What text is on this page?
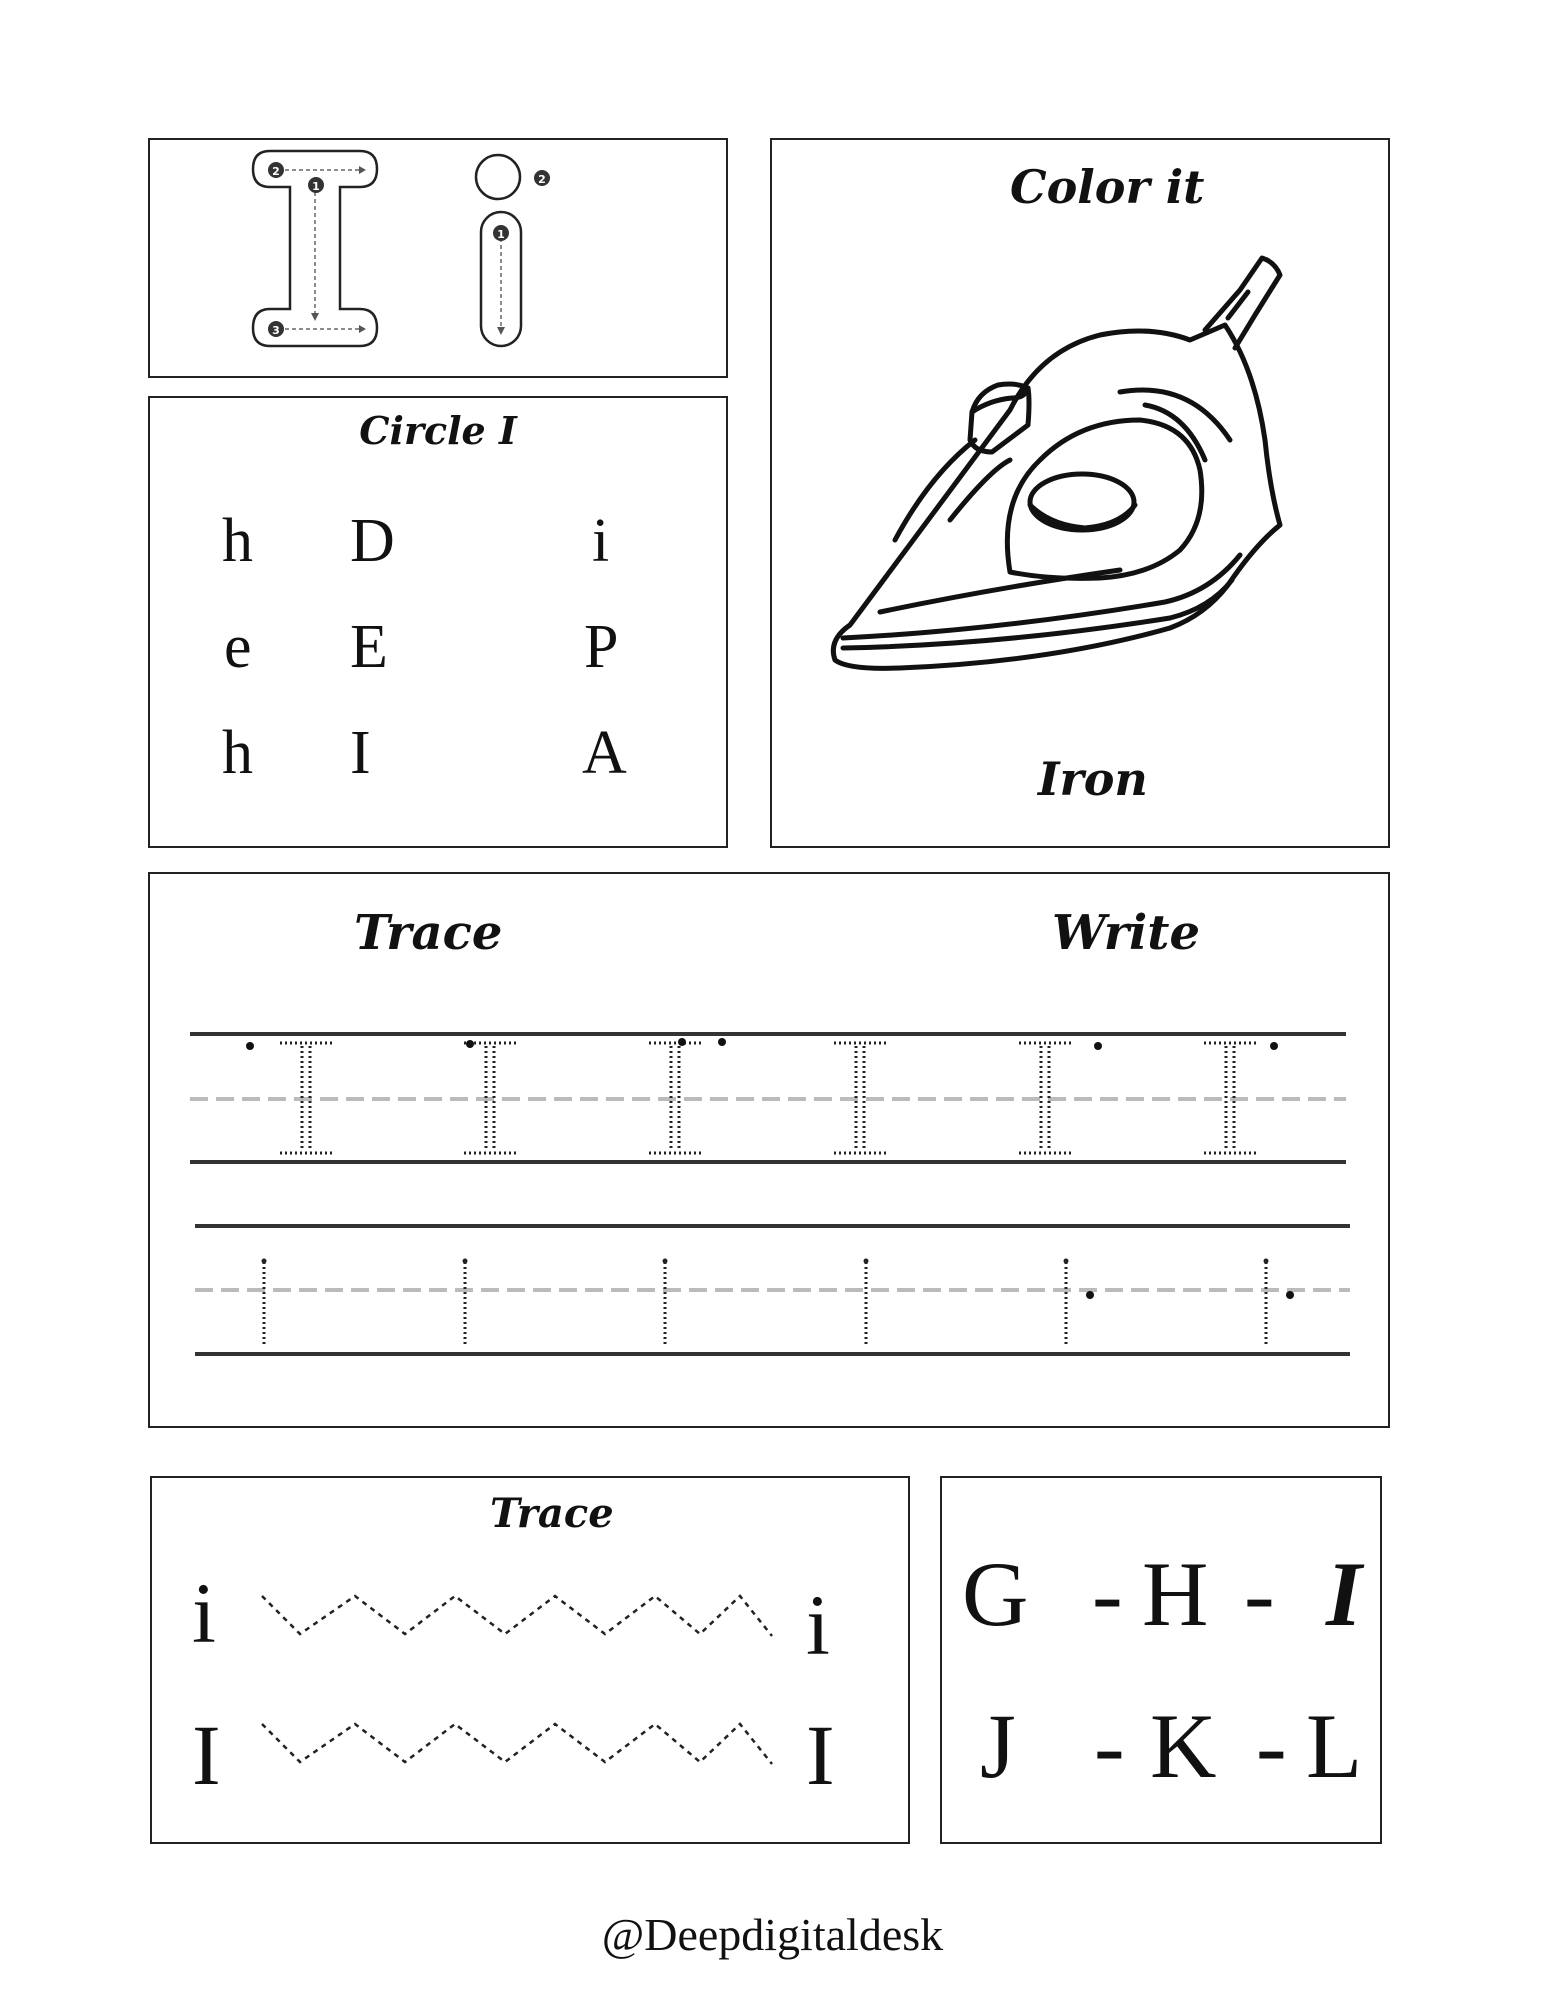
2
1
3
2
1
Circle I
h D	i
e E	P
h I	A
Color it
Iron
Trace	Write
Trace
i	i
I	I
G - H - I
J - K - L
@Deepdigitaldesk
